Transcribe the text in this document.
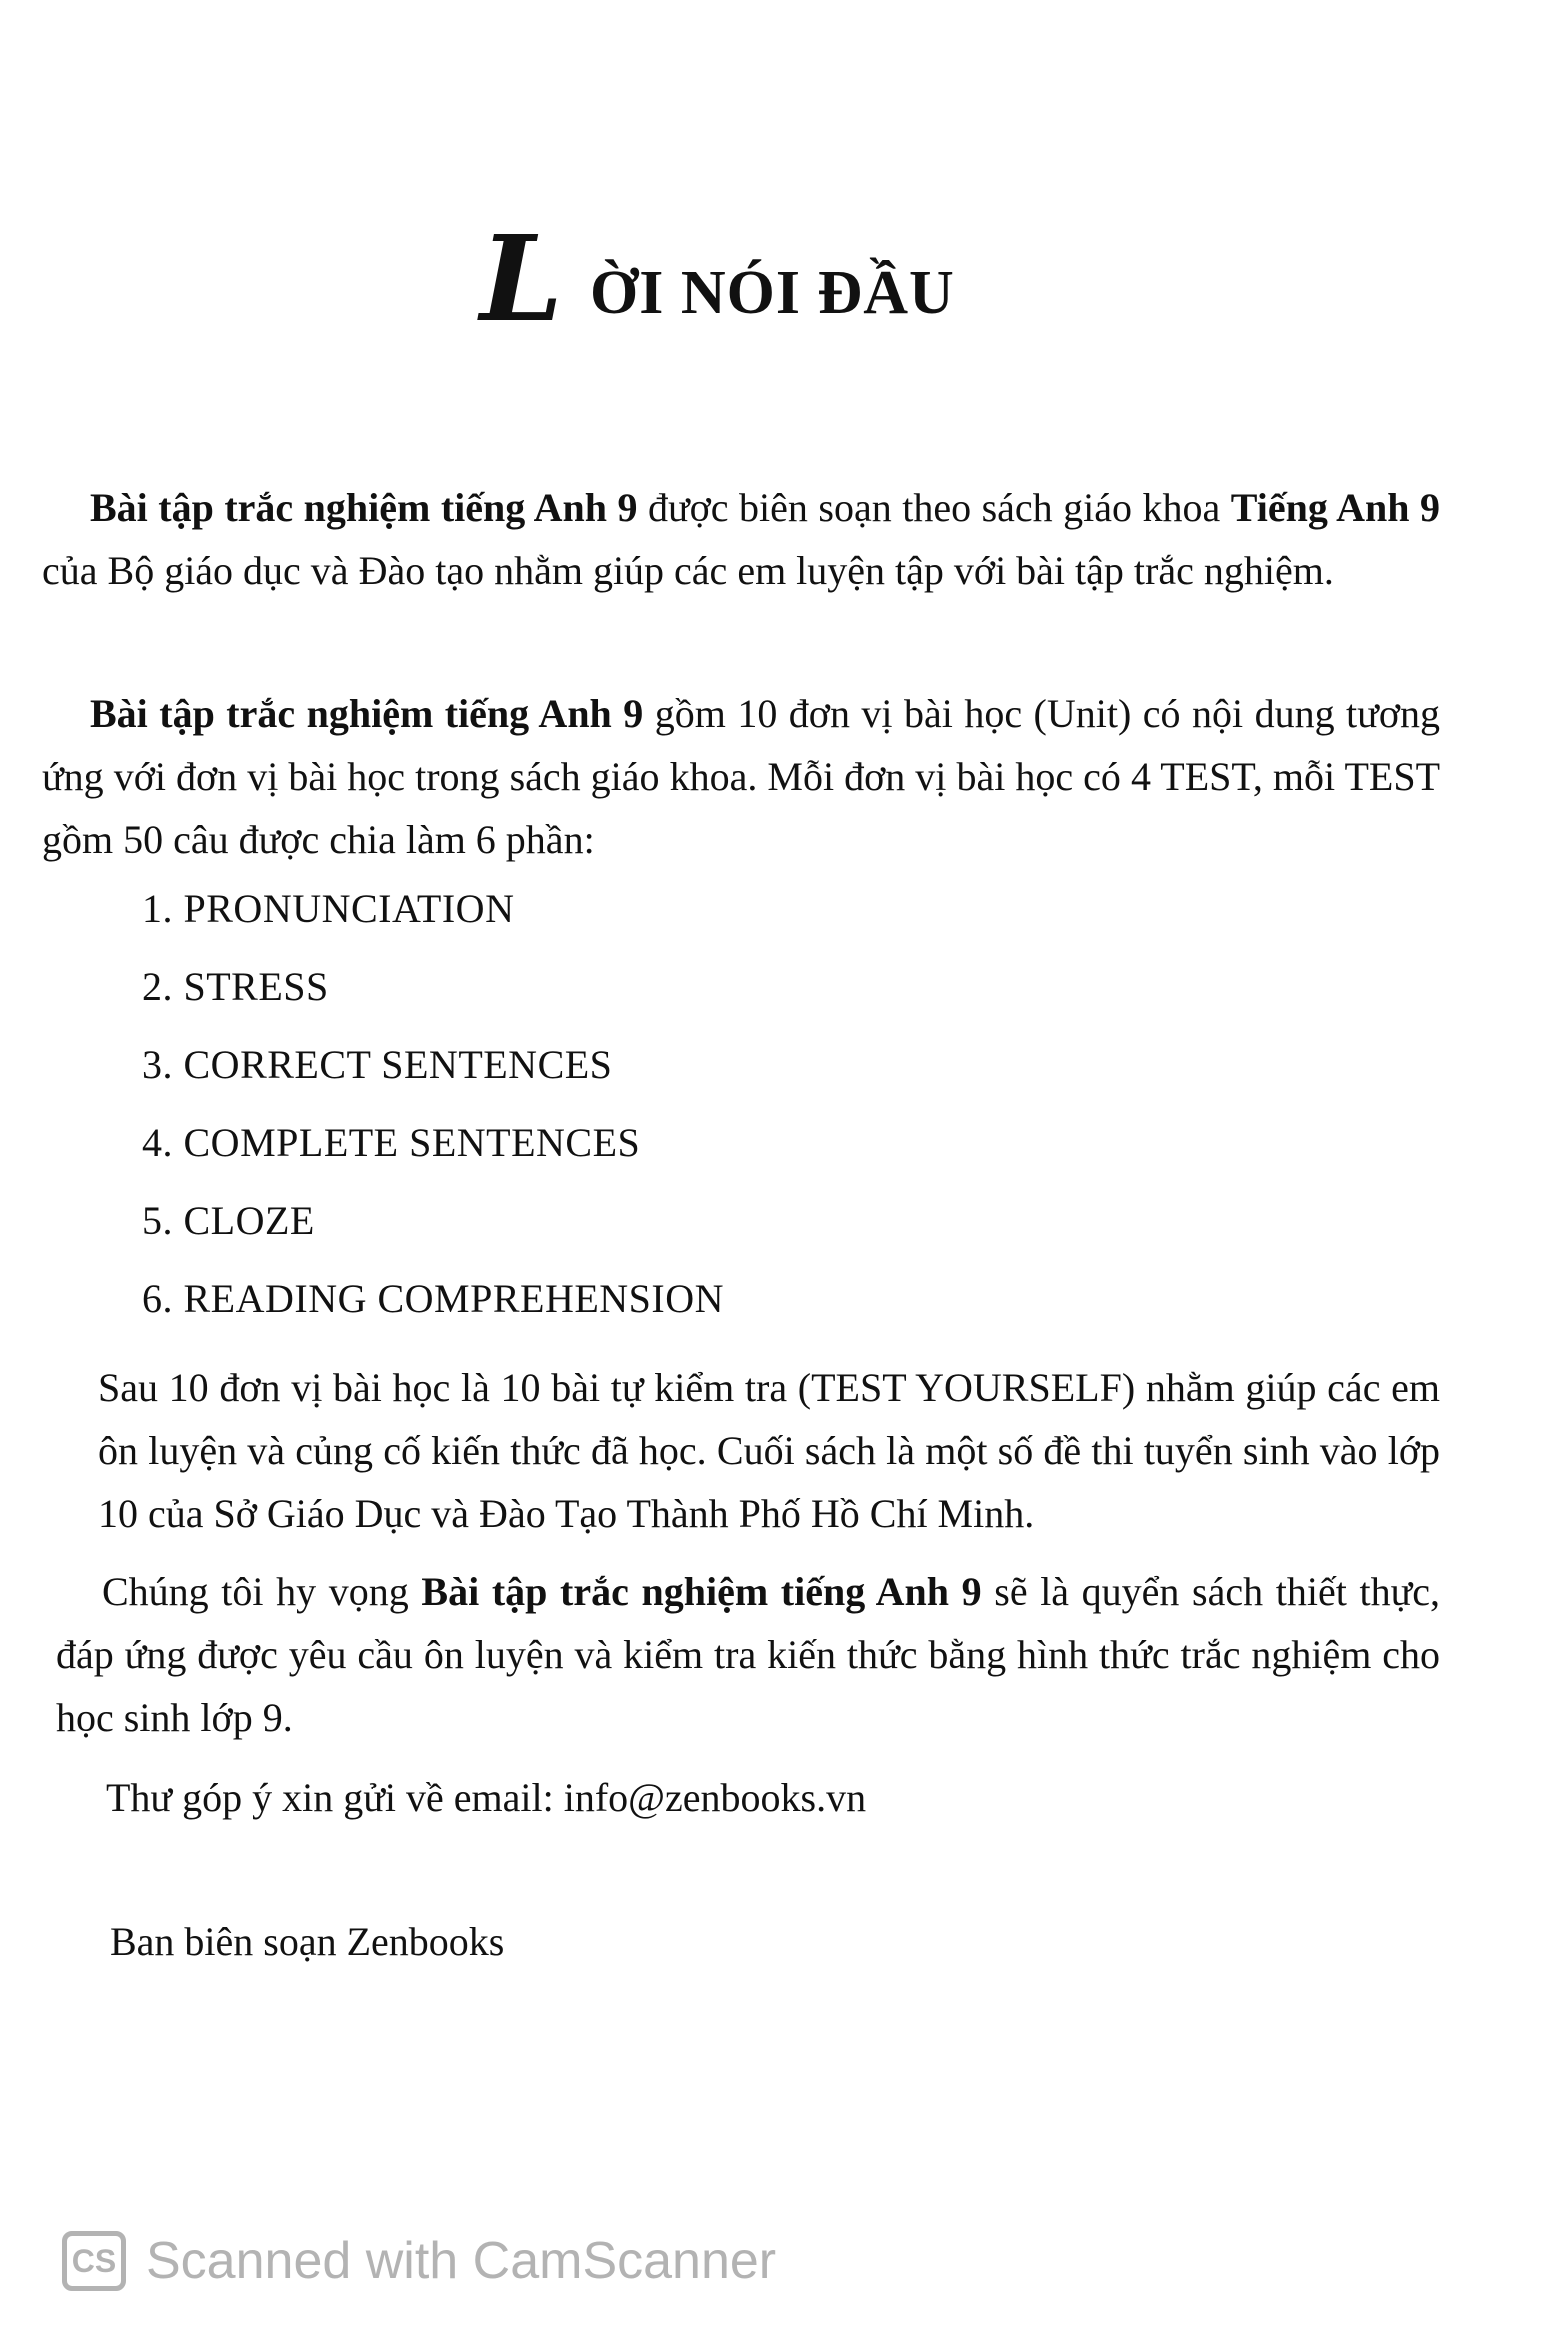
L ỜI NÓI ĐẦU

Bài tập trắc nghiệm tiếng Anh 9 được biên soạn theo sách giáo khoa Tiếng Anh 9 của Bộ giáo dục và Đào tạo nhằm giúp các em luyện tập với bài tập trắc nghiệm.

Bài tập trắc nghiệm tiếng Anh 9 gồm 10 đơn vị bài học (Unit) có nội dung tương ứng với đơn vị bài học trong sách giáo khoa. Mỗi đơn vị bài học có 4 TEST, mỗi TEST gồm 50 câu được chia làm 6 phần:

1. PRONUNCIATION
2. STRESS
3. CORRECT SENTENCES
4. COMPLETE SENTENCES
5. CLOZE
6. READING COMPREHENSION

Sau 10 đơn vị bài học là 10 bài tự kiểm tra (TEST YOURSELF) nhằm giúp các em ôn luyện và củng cố kiến thức đã học. Cuối sách là một số đề thi tuyển sinh vào lớp 10 của Sở Giáo Dục và Đào Tạo Thành Phố Hồ Chí Minh.

Chúng tôi hy vọng Bài tập trắc nghiệm tiếng Anh 9 sẽ là quyển sách thiết thực, đáp ứng được yêu cầu ôn luyện và kiểm tra kiến thức bằng hình thức trắc nghiệm cho học sinh lớp 9.

Thư góp ý xin gửi về email: info@zenbooks.vn

Ban biên soạn Zenbooks

CS Scanned with CamScanner
